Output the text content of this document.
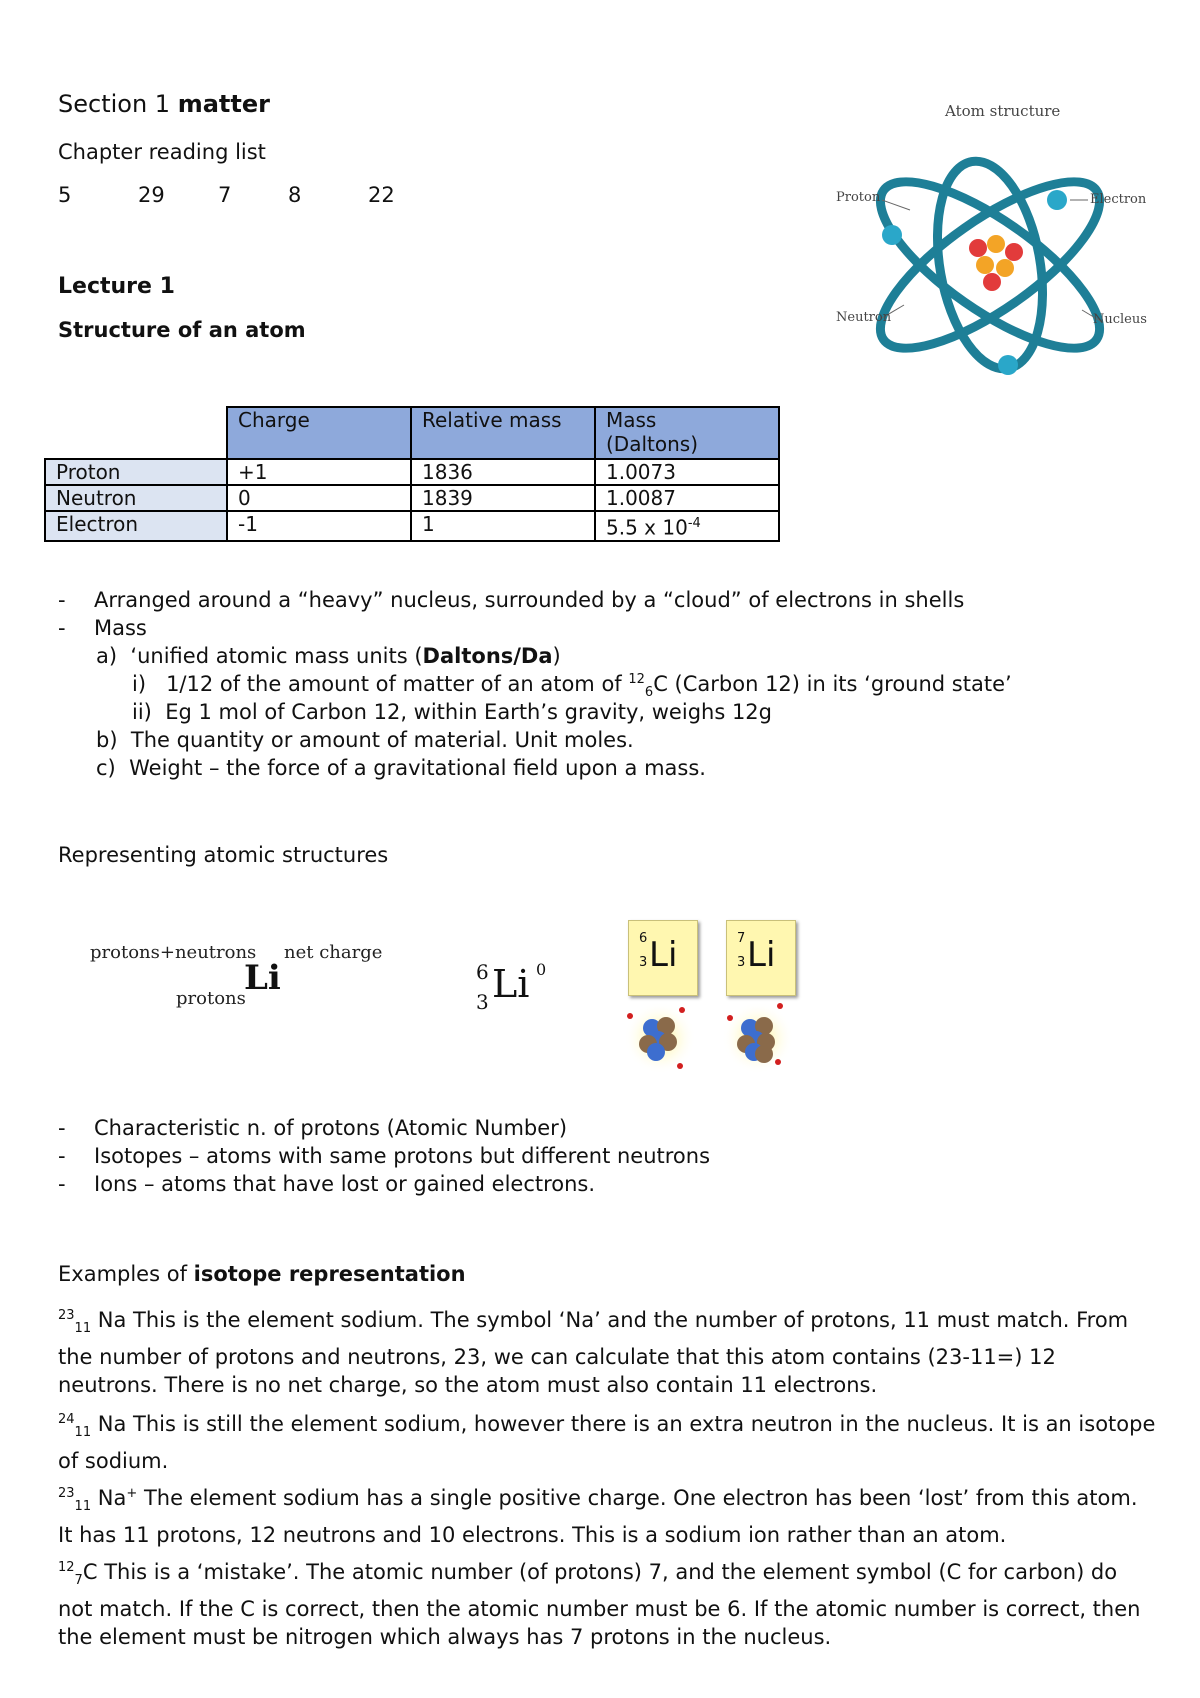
Section 1 matter
Chapter reading list
5	29	7	8	22
Lecture 1
Structure of an atom
Atom structure
Proton	Electron
Neutron	Nucleus
	Charge	Relative mass	Mass
(Daltons)
Proton	+1	1836	1.0073
Neutron	0	1839	1.0087
Electron	-1	1	5.5 x $10^{-4}$
- Arranged around a “heavy” nucleus, surrounded by a “cloud” of electrons in shells
- Mass
a) ‘unified atomic mass units (Daltons/Da)
i) 1/12 of the amount of matter of an atom of $^{12}_6$C (Carbon 12) in its ‘ground state’
ii) Eg 1 mol of Carbon 12, within Earth’s gravity, weighs 12g
b) The quantity or amount of material. Unit moles.
c) Weight – the force of a gravitational field upon a mass.
Representing atomic structures
protons+neutrons net charge
Li
protons
6
3 Li 0
6
3 Li	7
3 Li
- Characteristic n. of protons (Atomic Number)
- Isotopes – atoms with same protons but different neutrons
- Ions – atoms that have lost or gained electrons.
Examples of isotope representation
$^{23}_{11}$ Na This is the element sodium. The symbol ‘Na’ and the number of protons, 11 must match. From the number of protons and neutrons, 23, we can calculate that this atom contains (23-11=) 12 neutrons. There is no net charge, so the atom must also contain 11 electrons.
$^{24}_{11}$ Na This is still the element sodium, however there is an extra neutron in the nucleus. It is an isotope of sodium.
$^{23}_{11}$ Na+ The element sodium has a single positive charge. One electron has been ‘lost’ from this atom. It has 11 protons, 12 neutrons and 10 electrons. This is a sodium ion rather than an atom.
$^{12}_7$C This is a ‘mistake’. The atomic number (of protons) 7, and the element symbol (C for carbon) do not match. If the C is correct, then the atomic number must be 6. If the atomic number is correct, then the element must be nitrogen which always has 7 protons in the nucleus.
